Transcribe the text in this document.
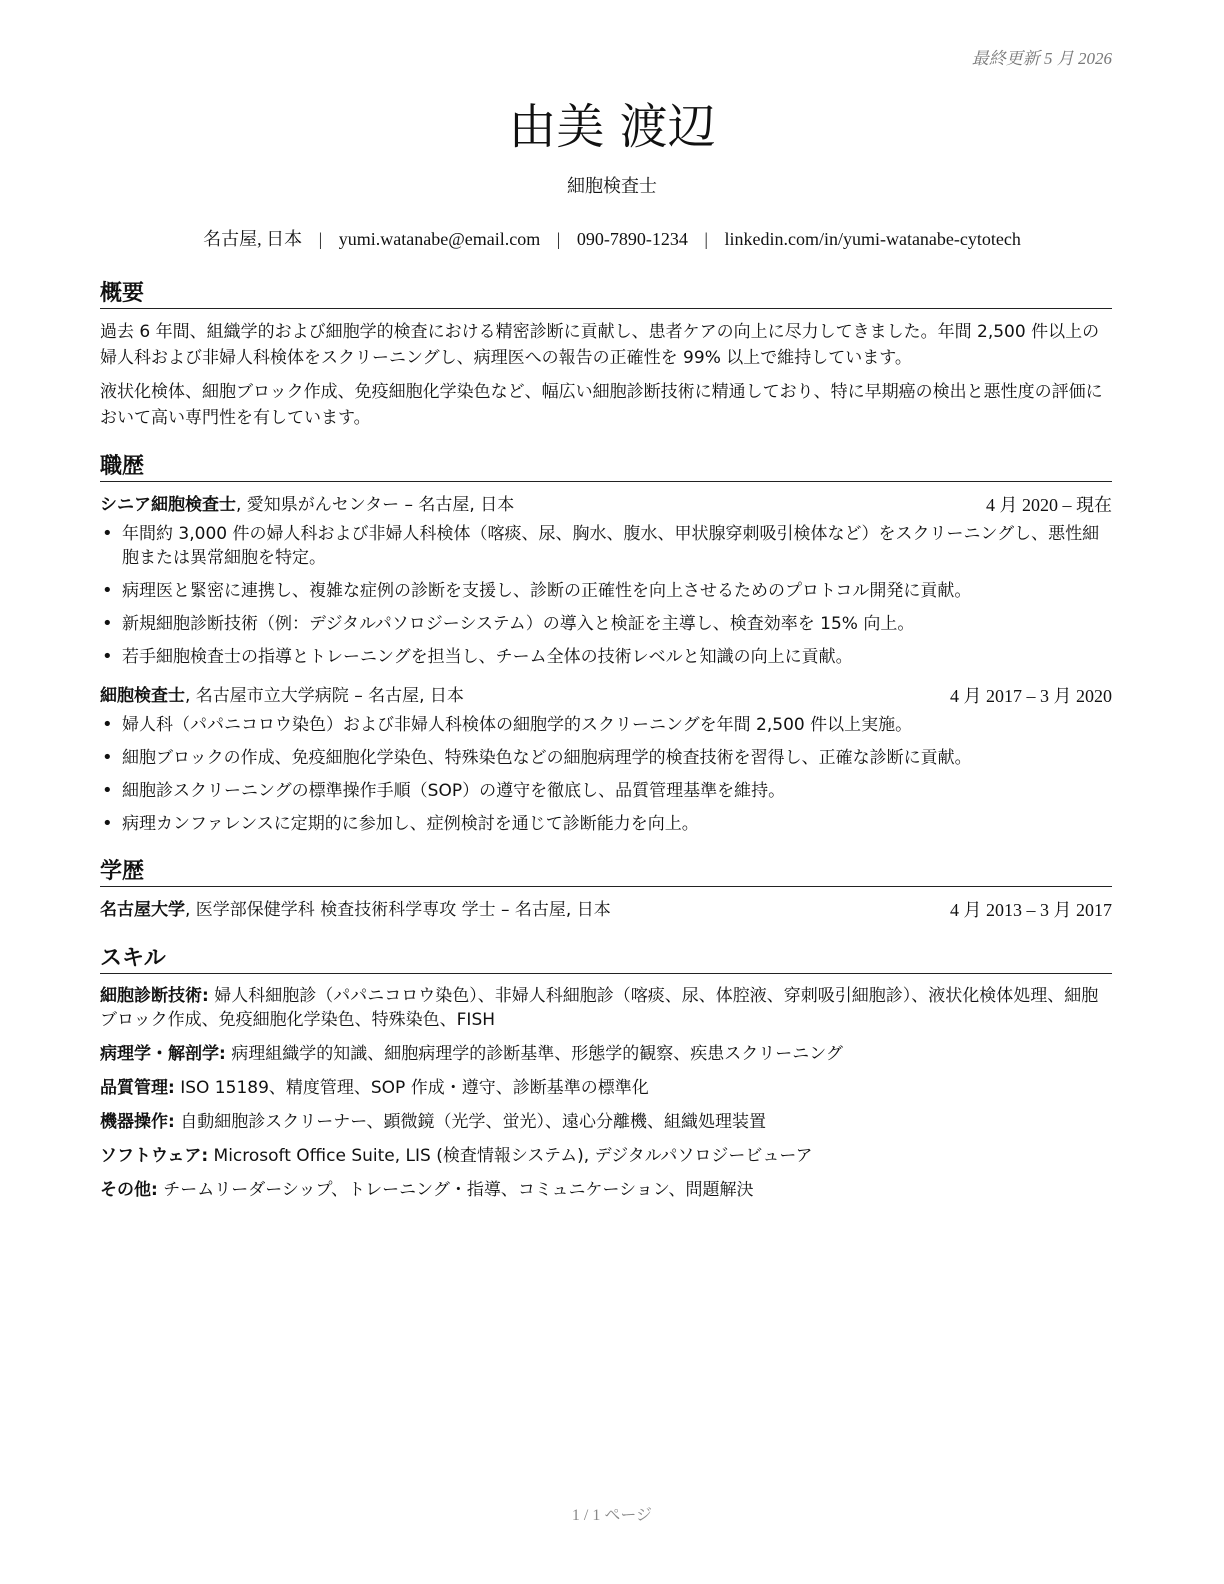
最終更新 5 月 2026
由美 渡辺
細胞検査士
名古屋, 日本 | yumi.watanabe@email.com | 090-7890-1234 | linkedin.com/in/yumi-watanabe-cytotech
概要

過去 6 年間、組織学的および細胞学的検査における精密診断に貢献し、患者ケアの向上に尽力してきました。年間 2,500 件以上の婦人科および非婦人科検体をスクリーニングし、病理医への報告の正確性を 99% 以上で維持しています。

液状化検体、細胞ブロック作成、免疫細胞化学染色など、幅広い細胞診断技術に精通しており、特に早期癌の検出と悪性度の評価において高い専門性を有しています。

職歴
シニア細胞検査士, 愛知県がんセンター – 名古屋, 日本	4 月 2020 – 現在
• 年間約 3,000 件の婦人科および非婦人科検体（喀痰、尿、胸水、腹水、甲状腺穿刺吸引検体など）をスクリーニングし、悪性細胞または異常細胞を特定。
• 病理医と緊密に連携し、複雑な症例の診断を支援し、診断の正確性を向上させるためのプロトコル開発に貢献。
• 新規細胞診断技術（例：デジタルパソロジーシステム）の導入と検証を主導し、検査効率を 15% 向上。
• 若手細胞検査士の指導とトレーニングを担当し、チーム全体の技術レベルと知識の向上に貢献。
細胞検査士, 名古屋市立大学病院 – 名古屋, 日本	4 月 2017 – 3 月 2020
• 婦人科（パパニコロウ染色）および非婦人科検体の細胞学的スクリーニングを年間 2,500 件以上実施。
• 細胞ブロックの作成、免疫細胞化学染色、特殊染色などの細胞病理学的検査技術を習得し、正確な診断に貢献。
• 細胞診スクリーニングの標準操作手順（SOP）の遵守を徹底し、品質管理基準を維持。
• 病理カンファレンスに定期的に参加し、症例検討を通じて診断能力を向上。
学歴
名古屋大学, 医学部保健学科 検査技術科学専攻 学士 – 名古屋, 日本	4 月 2013 – 3 月 2017
スキル
細胞診断技術: 婦人科細胞診（パパニコロウ染色）、非婦人科細胞診（喀痰、尿、体腔液、穿刺吸引細胞診）、液状化検体処理、細胞ブロック作成、免疫細胞化学染色、特殊染色、FISH
病理学・解剖学: 病理組織学的知識、細胞病理学的診断基準、形態学的観察、疾患スクリーニング
品質管理: ISO 15189、精度管理、SOP 作成・遵守、診断基準の標準化
機器操作: 自動細胞診スクリーナー、顕微鏡（光学、蛍光）、遠心分離機、組織処理装置
ソフトウェア: Microsoft Office Suite, LIS (検査情報システム), デジタルパソロジービューア
その他: チームリーダーシップ、トレーニング・指導、コミュニケーション、問題解決
1 / 1 ページ
